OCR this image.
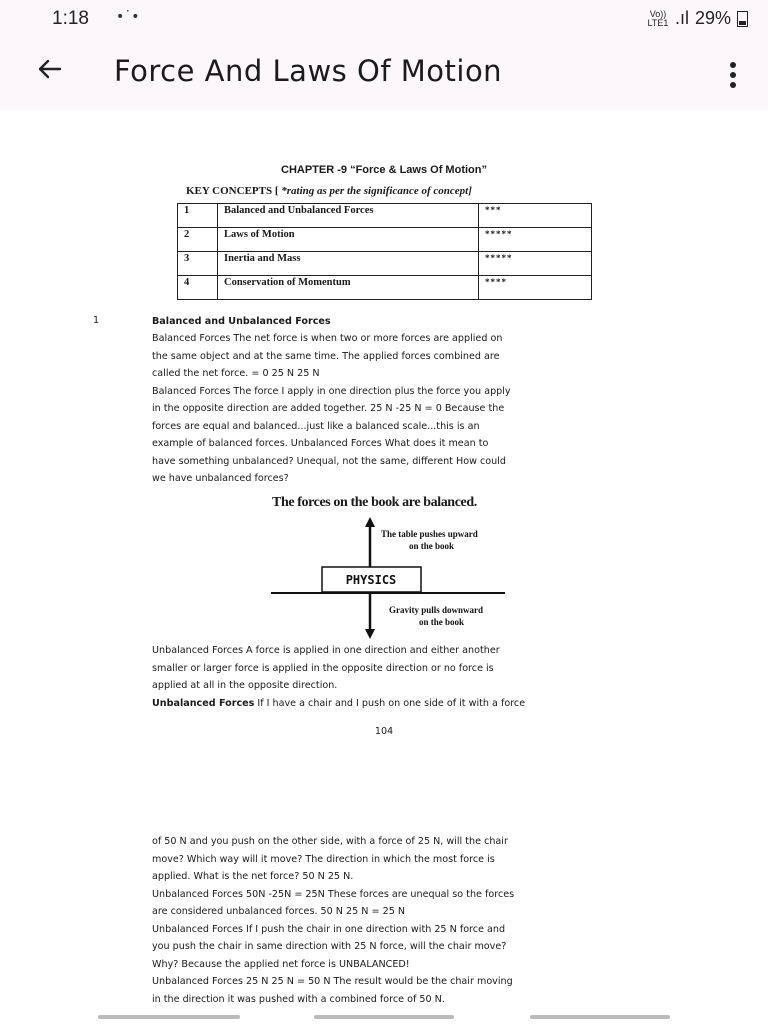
1:18 •˙•	Vo)) LTE1 .ıl 29%
Force And Laws Of Motion
CHAPTER -9 “Force & Laws Of Motion”
KEY CONCEPTS [ *rating as per the significance of concept]
1	Balanced and Unbalanced Forces	***
2	Laws of Motion	*****
3	Inertia and Mass	*****
4	Conservation of Momentum	****
1	Balanced and Unbalanced Forces
Balanced Forces The net force is when two or more forces are applied on
the same object and at the same time. The applied forces combined are
called the net force. = 0 25 N 25 N
Balanced Forces The force I apply in one direction plus the force you apply
in the opposite direction are added together. 25 N -25 N = 0 Because the
forces are equal and balanced...just like a balanced scale...this is an
example of balanced forces. Unbalanced Forces What does it mean to
have something unbalanced? Unequal, not the same, different How could
we have unbalanced forces?
The forces on the book are balanced.
PHYSICS
The table pushes upward
on the book
Gravity pulls downward
on the book
Unbalanced Forces A force is applied in one direction and either another
smaller or larger force is applied in the opposite direction or no force is
applied at all in the opposite direction.
Unbalanced Forces If I have a chair and I push on one side of it with a force
104
of 50 N and you push on the other side, with a force of 25 N, will the chair
move? Which way will it move? The direction in which the most force is
applied. What is the net force? 50 N 25 N.
Unbalanced Forces 50N -25N = 25N These forces are unequal so the forces
are considered unbalanced forces. 50 N 25 N = 25 N
Unbalanced Forces If I push the chair in one direction with 25 N force and
you push the chair in same direction with 25 N force, will the chair move?
Why? Because the applied net force is UNBALANCED!
Unbalanced Forces 25 N 25 N = 50 N The result would be the chair moving
in the direction it was pushed with a combined force of 50 N.
